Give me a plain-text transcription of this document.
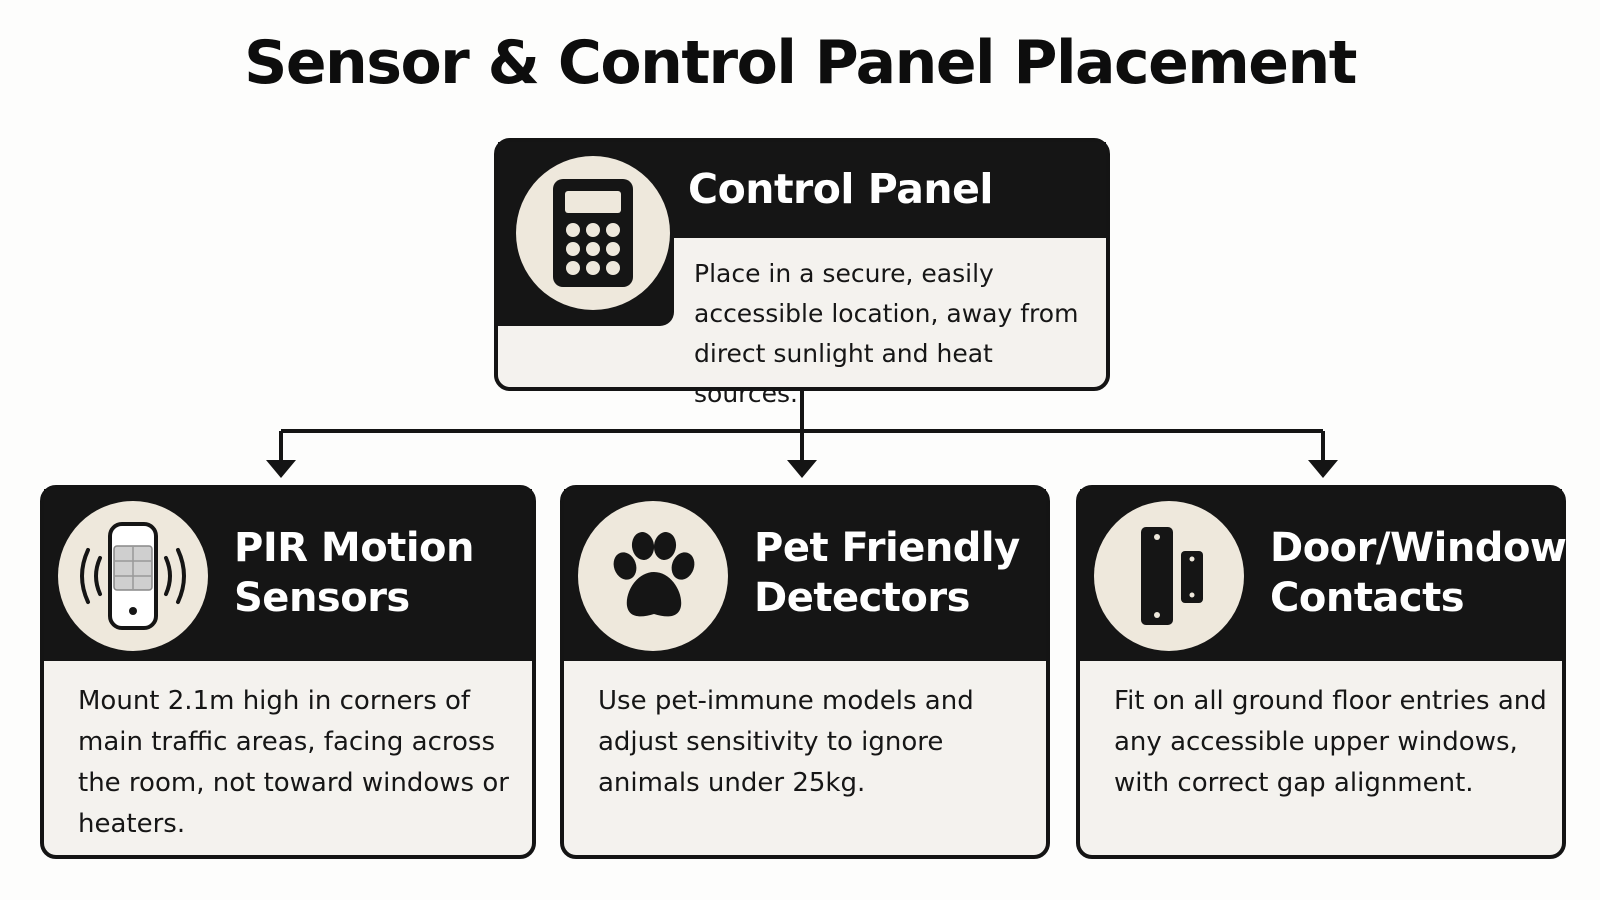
Sensor & Control Panel Placement
Control Panel
Place in a secure, easily accessible location, away from direct sunlight and heat sources.
PIR Motion
Sensors
Mount 2.1m high in corners of main traffic areas, facing across the room, not toward windows or heaters.
Pet Friendly
Detectors
Use pet-immune models and adjust sensitivity to ignore animals under 25kg.
Door/Window
Contacts
Fit on all ground floor entries and any accessible upper windows, with correct gap alignment.
